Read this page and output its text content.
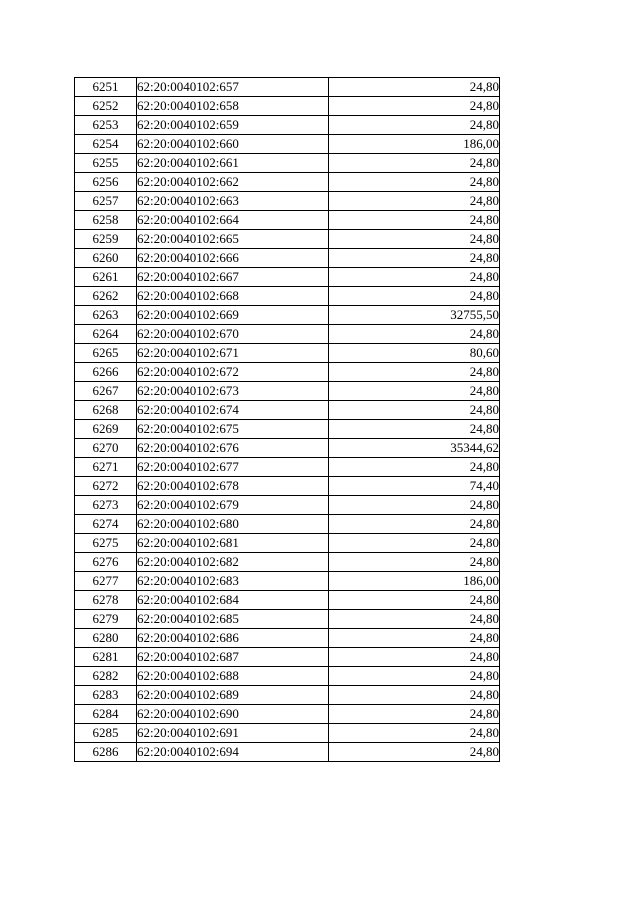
6251	62:20:0040102:657	24,80
6252	62:20:0040102:658	24,80
6253	62:20:0040102:659	24,80
6254	62:20:0040102:660	186,00
6255	62:20:0040102:661	24,80
6256	62:20:0040102:662	24,80
6257	62:20:0040102:663	24,80
6258	62:20:0040102:664	24,80
6259	62:20:0040102:665	24,80
6260	62:20:0040102:666	24,80
6261	62:20:0040102:667	24,80
6262	62:20:0040102:668	24,80
6263	62:20:0040102:669	32755,50
6264	62:20:0040102:670	24,80
6265	62:20:0040102:671	80,60
6266	62:20:0040102:672	24,80
6267	62:20:0040102:673	24,80
6268	62:20:0040102:674	24,80
6269	62:20:0040102:675	24,80
6270	62:20:0040102:676	35344,62
6271	62:20:0040102:677	24,80
6272	62:20:0040102:678	74,40
6273	62:20:0040102:679	24,80
6274	62:20:0040102:680	24,80
6275	62:20:0040102:681	24,80
6276	62:20:0040102:682	24,80
6277	62:20:0040102:683	186,00
6278	62:20:0040102:684	24,80
6279	62:20:0040102:685	24,80
6280	62:20:0040102:686	24,80
6281	62:20:0040102:687	24,80
6282	62:20:0040102:688	24,80
6283	62:20:0040102:689	24,80
6284	62:20:0040102:690	24,80
6285	62:20:0040102:691	24,80
6286	62:20:0040102:694	24,80
